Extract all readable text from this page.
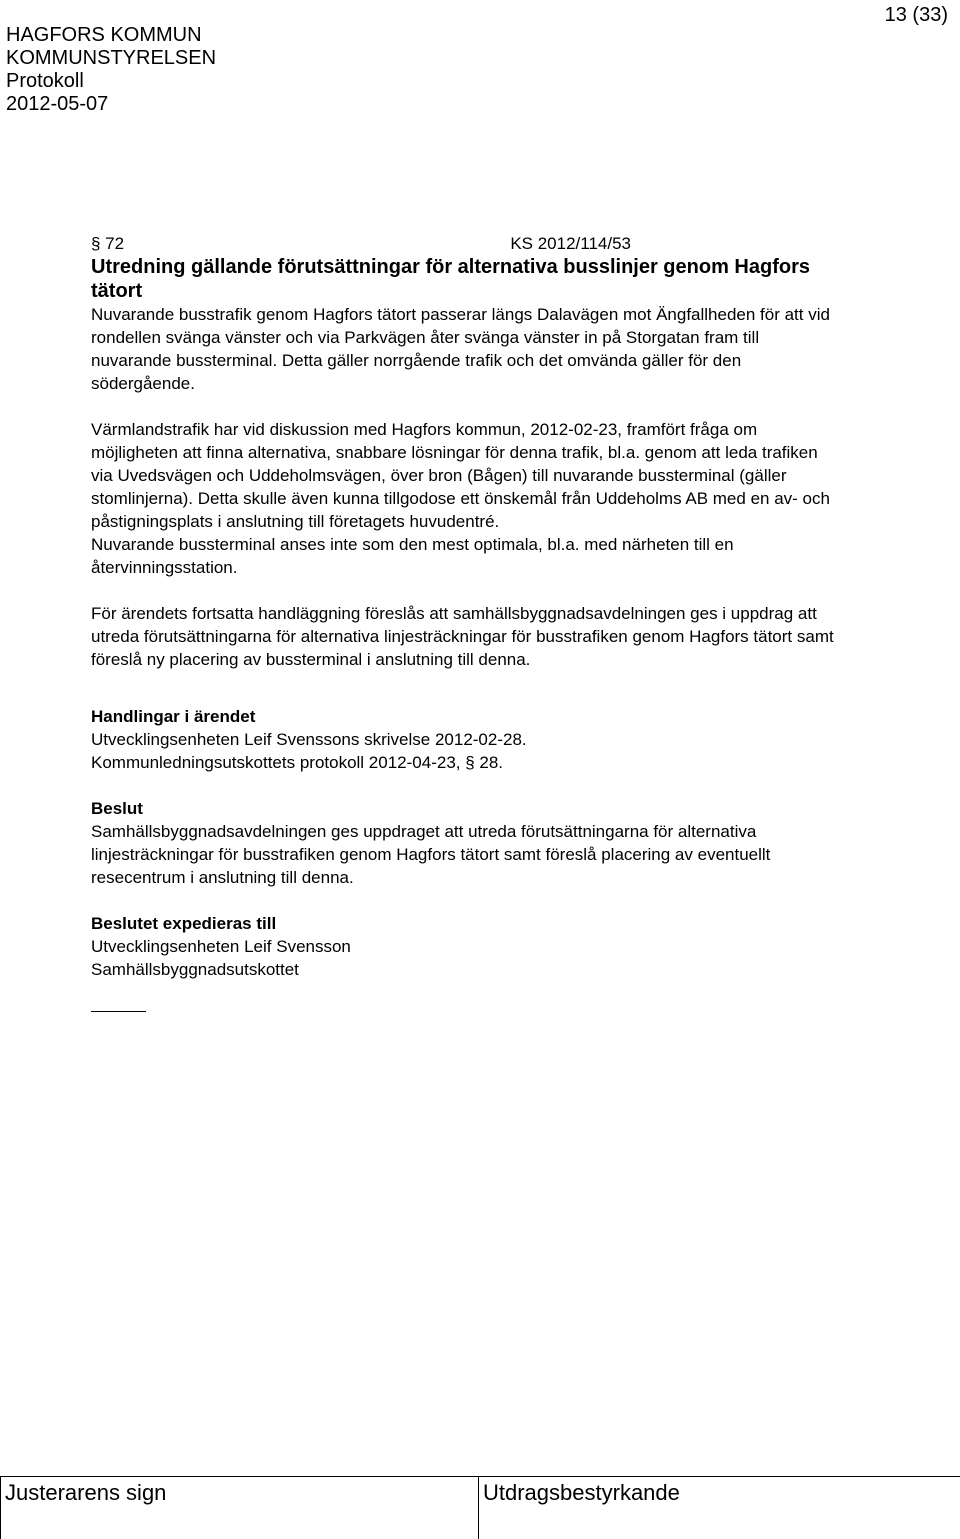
HAGFORS KOMMUN
KOMMUNSTYRELSEN
Protokoll
2012-05-07
13 (33)
§ 72	KS 2012/114/53
Utredning gällande förutsättningar för alternativa busslinjer genom Hagfors
tätort
Nuvarande busstrafik genom Hagfors tätort passerar längs Dalavägen mot Ängfallheden för att vid
rondellen svänga vänster och via Parkvägen åter svänga vänster in på Storgatan fram till
nuvarande bussterminal. Detta gäller norrgående trafik och det omvända gäller för den
södergående.
Värmlandstrafik har vid diskussion med Hagfors kommun, 2012-02-23, framfört fråga om
möjligheten att finna alternativa, snabbare lösningar för denna trafik, bl.a. genom att leda trafiken
via Uvedsvägen och Uddeholmsvägen, över bron (Bågen) till nuvarande bussterminal (gäller
stomlinjerna). Detta skulle även kunna tillgodose ett önskemål från Uddeholms AB med en av- och
påstigningsplats i anslutning till företagets huvudentré.
Nuvarande bussterminal anses inte som den mest optimala, bl.a. med närheten till en
återvinningsstation.
För ärendets fortsatta handläggning föreslås att samhällsbyggnadsavdelningen ges i uppdrag att
utreda förutsättningarna för alternativa linjesträckningar för busstrafiken genom Hagfors tätort samt
föreslå ny placering av bussterminal i anslutning till denna.
Handlingar i ärendet
Utvecklingsenheten Leif Svenssons skrivelse 2012-02-28.
Kommunledningsutskottets protokoll 2012-04-23, § 28.
Beslut
Samhällsbyggnadsavdelningen ges uppdraget att utreda förutsättningarna för alternativa
linjesträckningar för busstrafiken genom Hagfors tätort samt föreslå placering av eventuellt
resecentrum i anslutning till denna.
Beslutet expedieras till
Utvecklingsenheten Leif Svensson
Samhällsbyggnadsutskottet
Justerarens sign	Utdragsbestyrkande
